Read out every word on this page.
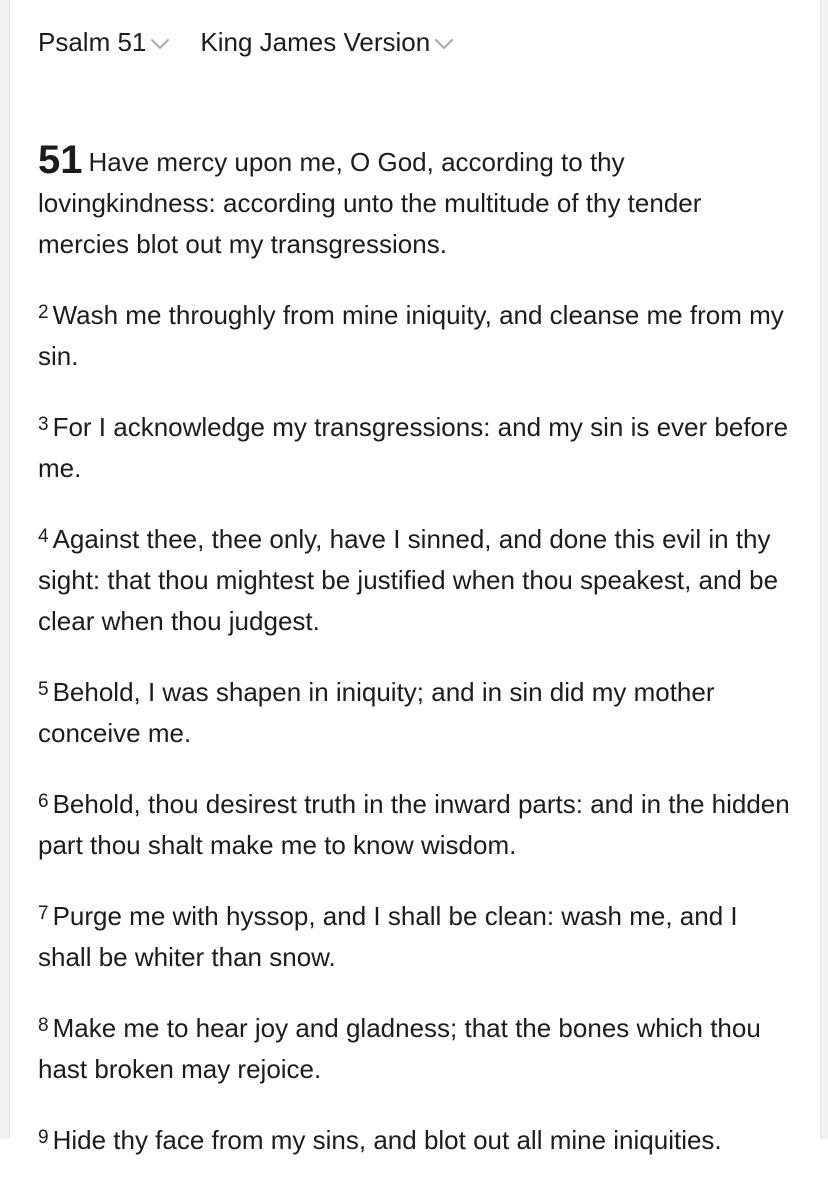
Psalm 51 King James Version

51 Have mercy upon me, O God, according to thy lovingkindness: according unto the multitude of thy tender mercies blot out my transgressions.

$^2$ Wash me throughly from mine iniquity, and cleanse me from my sin.

$^3$ For I acknowledge my transgressions: and my sin is ever before me.

$^4$ Against thee, thee only, have I sinned, and done this evil in thy sight: that thou mightest be justified when thou speakest, and be clear when thou judgest.

$^5$ Behold, I was shapen in iniquity; and in sin did my mother conceive me.

$^6$ Behold, thou desirest truth in the inward parts: and in the hidden part thou shalt make me to know wisdom.

$^7$ Purge me with hyssop, and I shall be clean: wash me, and I shall be whiter than snow.

$^8$ Make me to hear joy and gladness; that the bones which thou hast broken may rejoice.

$^9$ Hide thy face from my sins, and blot out all mine iniquities.
